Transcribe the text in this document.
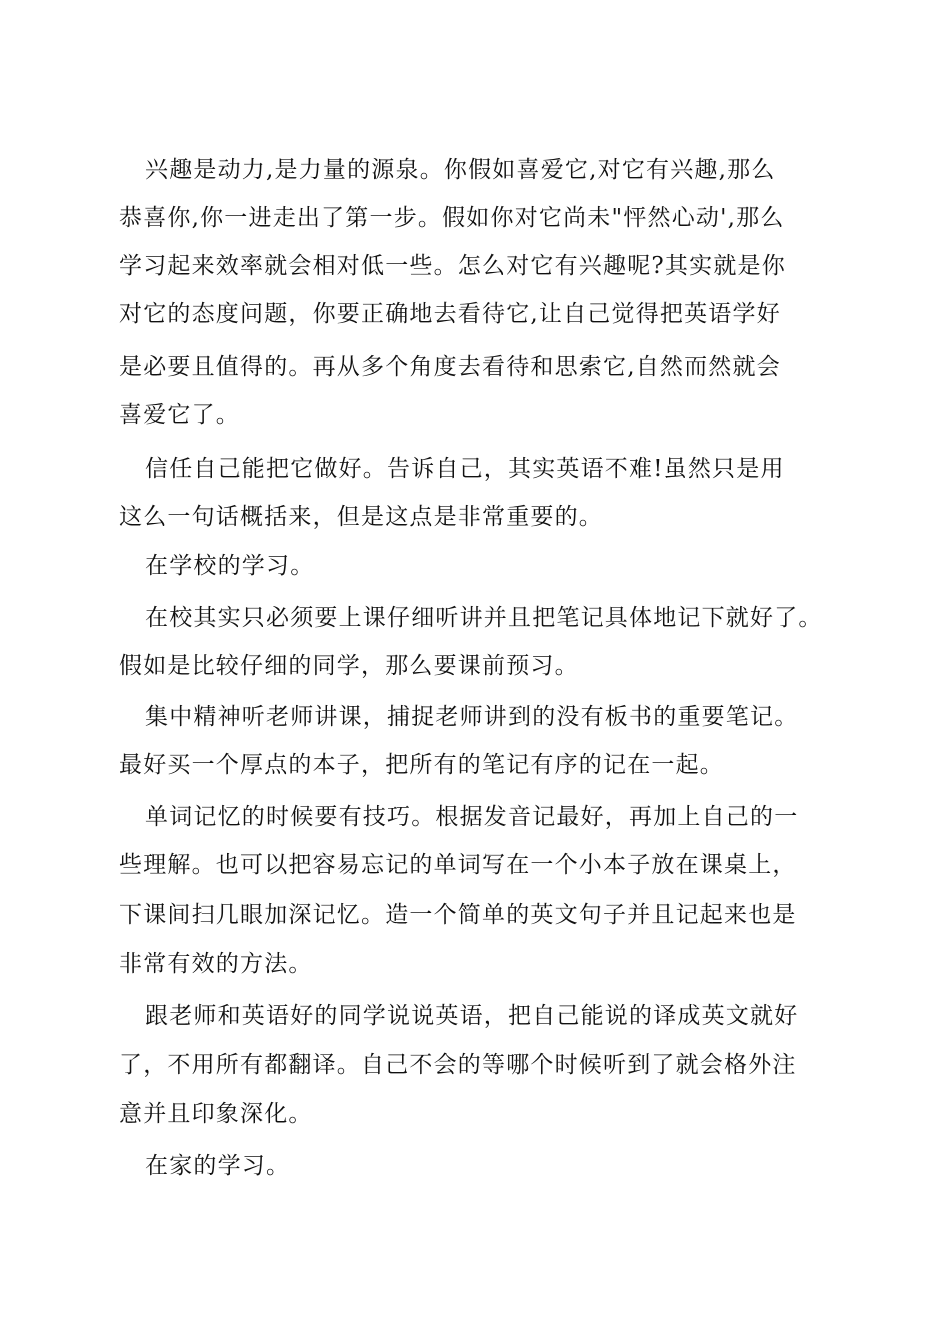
兴趣是动力,是力量的源泉。你假如喜爱它,对它有兴趣,那么
恭喜你,你一进走出了第一步。假如你对它尚未"怦然心动',那么
学习起来效率就会相对低一些。怎么对它有兴趣呢?其实就是你
对它的态度问题，你要正确地去看待它,让自己觉得把英语学好
是必要且值得的。再从多个角度去看待和思索它,自然而然就会
喜爱它了。
信任自己能把它做好。告诉自己，其实英语不难!虽然只是用
这么一句话概括来，但是这点是非常重要的。
在学校的学习。
在校其实只必须要上课仔细听讲并且把笔记具体地记下就好了。
假如是比较仔细的同学，那么要课前预习。
集中精神听老师讲课，捕捉老师讲到的没有板书的重要笔记。
最好买一个厚点的本子，把所有的笔记有序的记在一起。
单词记忆的时候要有技巧。根据发音记最好，再加上自己的一
些理解。也可以把容易忘记的单词写在一个小本子放在课桌上，
下课间扫几眼加深记忆。造一个简单的英文句子并且记起来也是
非常有效的方法。
跟老师和英语好的同学说说英语，把自己能说的译成英文就好
了，不用所有都翻译。自己不会的等哪个时候听到了就会格外注
意并且印象深化。
在家的学习。
